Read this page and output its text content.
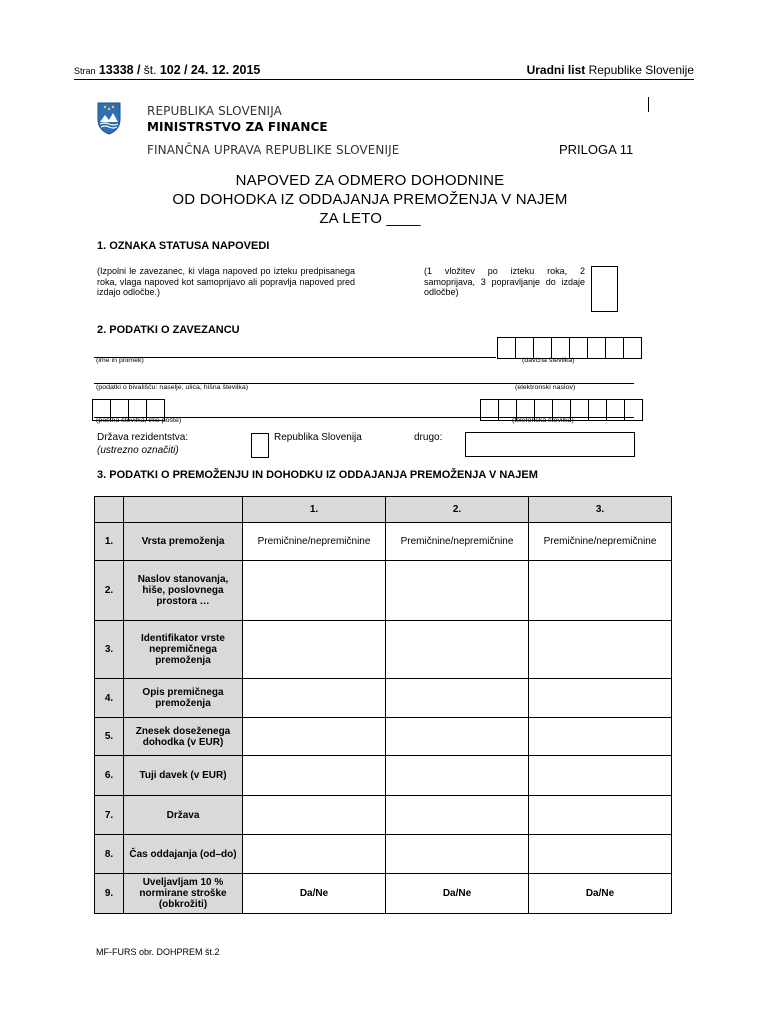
Stran 13338 / št. 102 / 24. 12. 2015	Uradni list Republike Slovenije
REPUBLIKA SLOVENIJA
MINISTRSTVO ZA FINANCE
FINANČNA UPRAVA REPUBLIKE SLOVENIJE	PRILOGA 11
NAPOVED ZA ODMERO DOHODNINE
OD DOHODKA IZ ODDAJANJA PREMOŽENJA V NAJEM
ZA LETO ____
1. OZNAKA STATUSA NAPOVEDI
(Izpolni le zavezanec, ki vlaga napoved po izteku predpisanega roka, vlaga napoved kot samoprijavo ali popravlja napoved pred izdajo odločbe.)
(1 vložitev po izteku roka, 2 samoprijava, 3 popravljanje do izdaje odločbe)
2. PODATKI O ZAVEZANCU
(ime in priimek)	(davčna številka)
(podatki o bivališču: naselje, ulica, hišna številka)	(elektronski naslov)
(poštna številka, ime pošte)	(telefonska številka)
Država rezidentstva:
(ustrezno označiti)
Republika Slovenija	drugo:
3. PODATKI O PREMOŽENJU IN DOHODKU IZ ODDAJANJA PREMOŽENJA V NAJEM
		1.	2.	3.
1.	Vrsta premoženja	Premičnine/nepremičnine	Premičnine/nepremičnine	Premičnine/nepremičnine
2.	Naslov stanovanja, hiše, poslovnega prostora …			
3.	Identifikator vrste nepremičnega premoženja			
4.	Opis premičnega premoženja			
5.	Znesek doseženega dohodka (v EUR)			
6.	Tuji davek (v EUR)			
7.	Država			
8.	Čas oddajanja (od–do)			
9.	Uveljavljam 10 % normirane stroške (obkrožiti)	Da/Ne	Da/Ne	Da/Ne
MF-FURS obr. DOHPREM št.2
